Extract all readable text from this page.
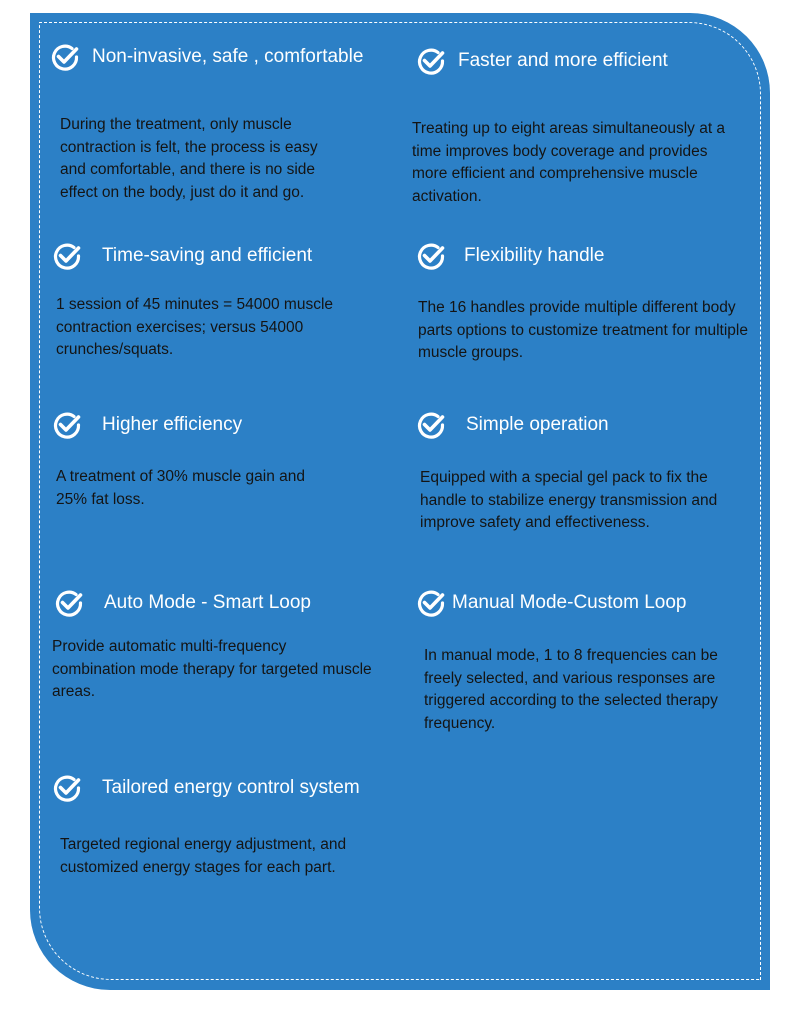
Non-invasive, safe , comfortable

During the treatment, only muscle contraction is felt, the process is easy and comfortable, and there is no side effect on the body, just do it and go.

Faster and more efficient

Treating up to eight areas simultaneously at a time improves body coverage and provides more efficient and comprehensive muscle activation.

Time-saving and efficient

1 session of 45 minutes = 54000 muscle contraction exercises; versus 54000 crunches/squats.

Flexibility handle

The 16 handles provide multiple different body parts options to customize treatment for multiple muscle groups.

Higher efficiency

A treatment of 30% muscle gain and 25% fat loss.

Simple operation

Equipped with a special gel pack to fix the handle to stabilize energy transmission and improve safety and effectiveness.

Auto Mode - Smart Loop

Provide automatic multi-frequency combination mode therapy for targeted muscle areas.

Manual Mode-Custom Loop

In manual mode, 1 to 8 frequencies can be freely selected, and various responses are triggered according to the selected therapy    frequency.

Tailored energy control system

Targeted regional energy adjustment, and customized energy stages for each part.
